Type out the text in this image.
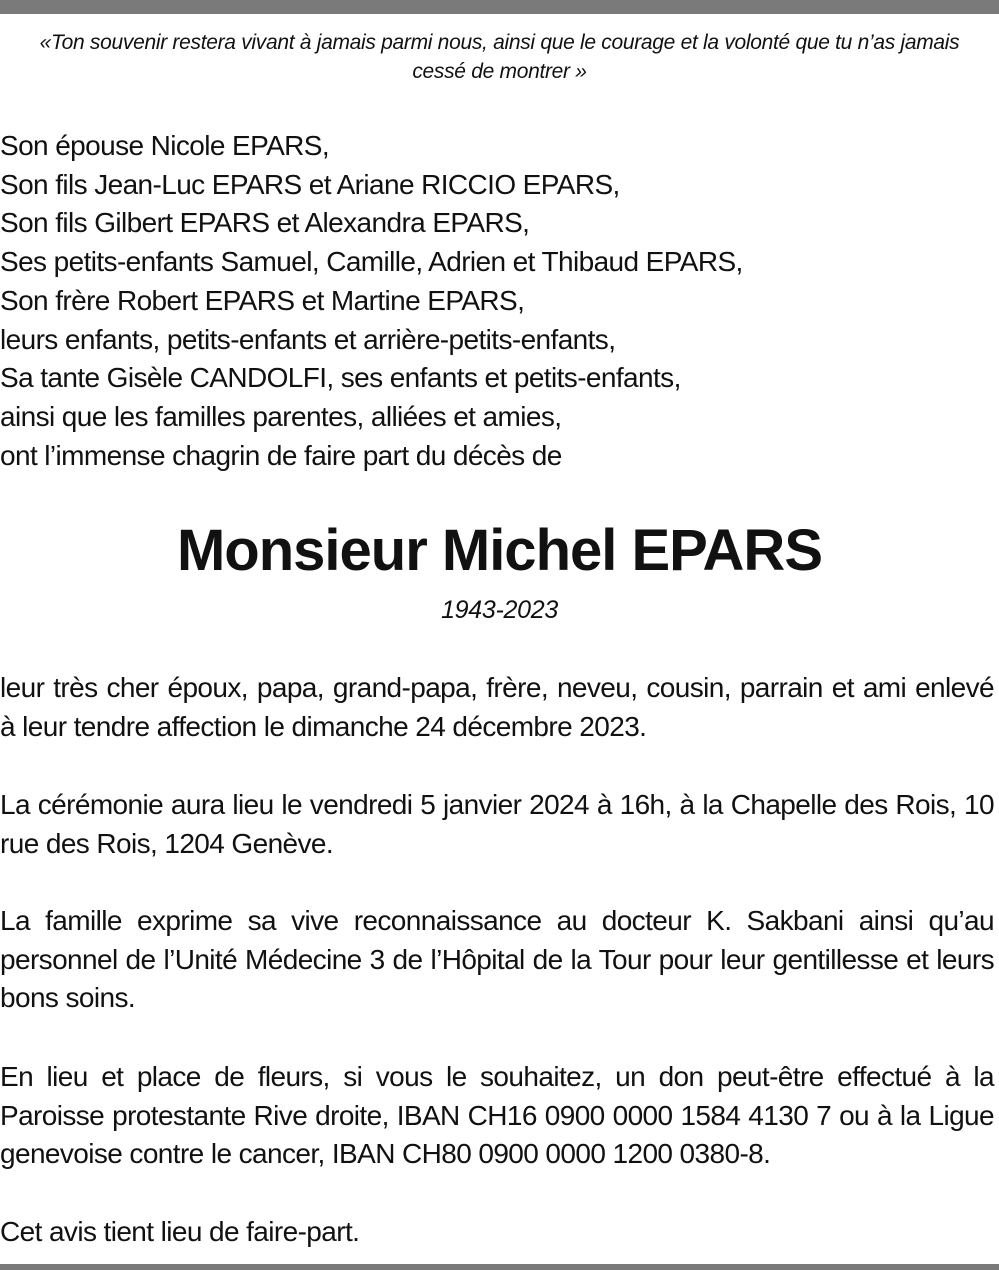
«Ton souvenir restera vivant à jamais parmi nous, ainsi que le courage et la volonté que tu n’as jamais cessé de montrer »
Son épouse Nicole EPARS,
Son fils Jean-Luc EPARS et Ariane RICCIO EPARS,
Son fils Gilbert EPARS et Alexandra EPARS,
Ses petits-enfants Samuel, Camille, Adrien et Thibaud EPARS,
Son frère Robert EPARS et Martine EPARS,
leurs enfants, petits-enfants et arrière-petits-enfants,
Sa tante Gisèle CANDOLFI, ses enfants et petits-enfants,
ainsi que les familles parentes, alliées et amies,
ont l’immense chagrin de faire part du décès de
Monsieur Michel EPARS
1943-2023
leur très cher époux, papa, grand-papa, frère, neveu, cousin, parrain et ami enlevé à leur tendre affection le dimanche 24 décembre 2023.
La cérémonie aura lieu le vendredi 5 janvier 2024 à 16h, à la Chapelle des Rois, 10 rue des Rois, 1204 Genève.
La famille exprime sa vive reconnaissance au docteur K. Sakbani ainsi qu’au personnel de l’Unité Médecine 3 de l’Hôpital de la Tour pour leur gentillesse et leurs bons soins.
En lieu et place de fleurs, si vous le souhaitez, un don peut-être effectué à la Paroisse protestante Rive droite, IBAN CH16 0900 0000 1584 4130 7 ou à la Ligue genevoise contre le cancer, IBAN CH80 0900 0000 1200 0380-8.
Cet avis tient lieu de faire-part.
